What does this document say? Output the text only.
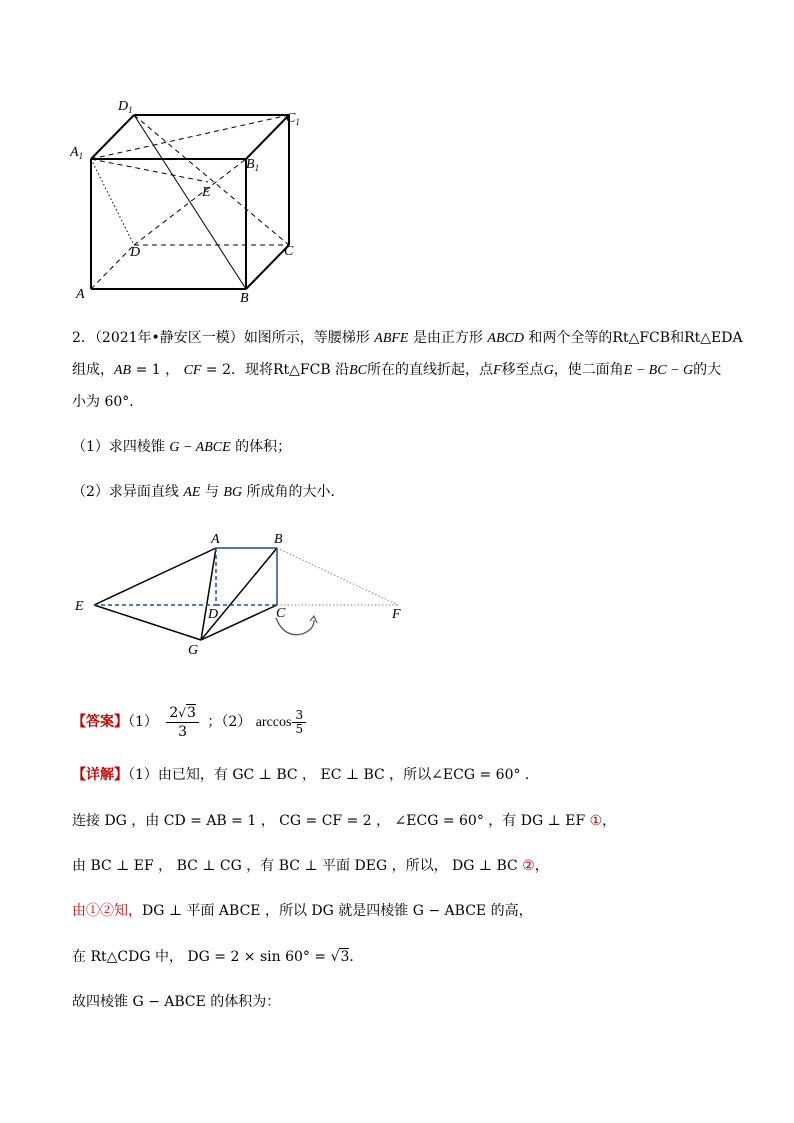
$D_1$
$C_1$
$A_1$
$B_1$
E
D	C
A	B
2．（2021年•静安区一模）如图所示，等腰梯形 ABFE 是由正方形 ABCD 和两个全等的Rt△FCB和Rt△EDA
组成，AB = 1 ， CF = 2．现将Rt△FCB 沿BC所在的直线折起，点F移至点G，使二面角E − BC − G的大
小为 60°．
（1）求四棱锥 G − ABCE 的体积；
（2）求异面直线 AE 与 BG 所成角的大小．
A	B
E
D	C	F
G
【答案】$(1) \frac{2√3}{3}$ ；（2） $\arccos \frac{3}{5}$
【详解】（1）由已知，有 GC ⊥ BC ， EC ⊥ BC ，所以∠ECG = 60° ．
连接 DG ，由 CD = AB = 1 ， CG = CF = 2 ， ∠ECG = 60° ，有 DG ⊥ EF ①，
由 BC ⊥ EF ， BC ⊥ CG ，有 BC ⊥ 平面 DEG ，所以， DG ⊥ BC ②，
由①②知，DG ⊥ 平面 ABCE ，所以 DG 就是四棱锥 G − ABCE 的高，
在 Rt△CDG 中， DG = 2 × sin 60° = √3．
故四棱锥 G − ABCE 的体积为：
